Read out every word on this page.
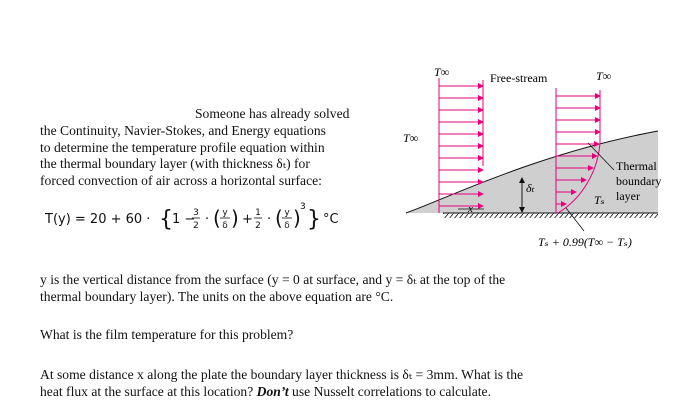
Someone has already solved
the Continuity, Navier-Stokes, and Energy equations
to determine the temperature profile equation within
the thermal boundary layer (with thickness δₜ) for
forced convection of air across a horizontal surface:
T(y) = 20 + 60 · { 1 −
3
2 · ( y
δ ) + 1
2 · ( y
δ ) 3 } °C
y is the vertical distance from the surface (y = 0 at surface, and y = δₜ at the top of the
thermal boundary layer). The units on the above equation are °C.
What is the film temperature for this problem?
At some distance x along the plate the boundary layer thickness is δₜ = 3mm. What is the
heat flux at the surface at this location? Don’t use Nusselt correlations to calculate.
T∞	Free-stream	T∞
T∞
Thermal
boundary
layer
Tₛ
δₜ
x
Tₛ + 0.99(T∞ − Tₛ)
